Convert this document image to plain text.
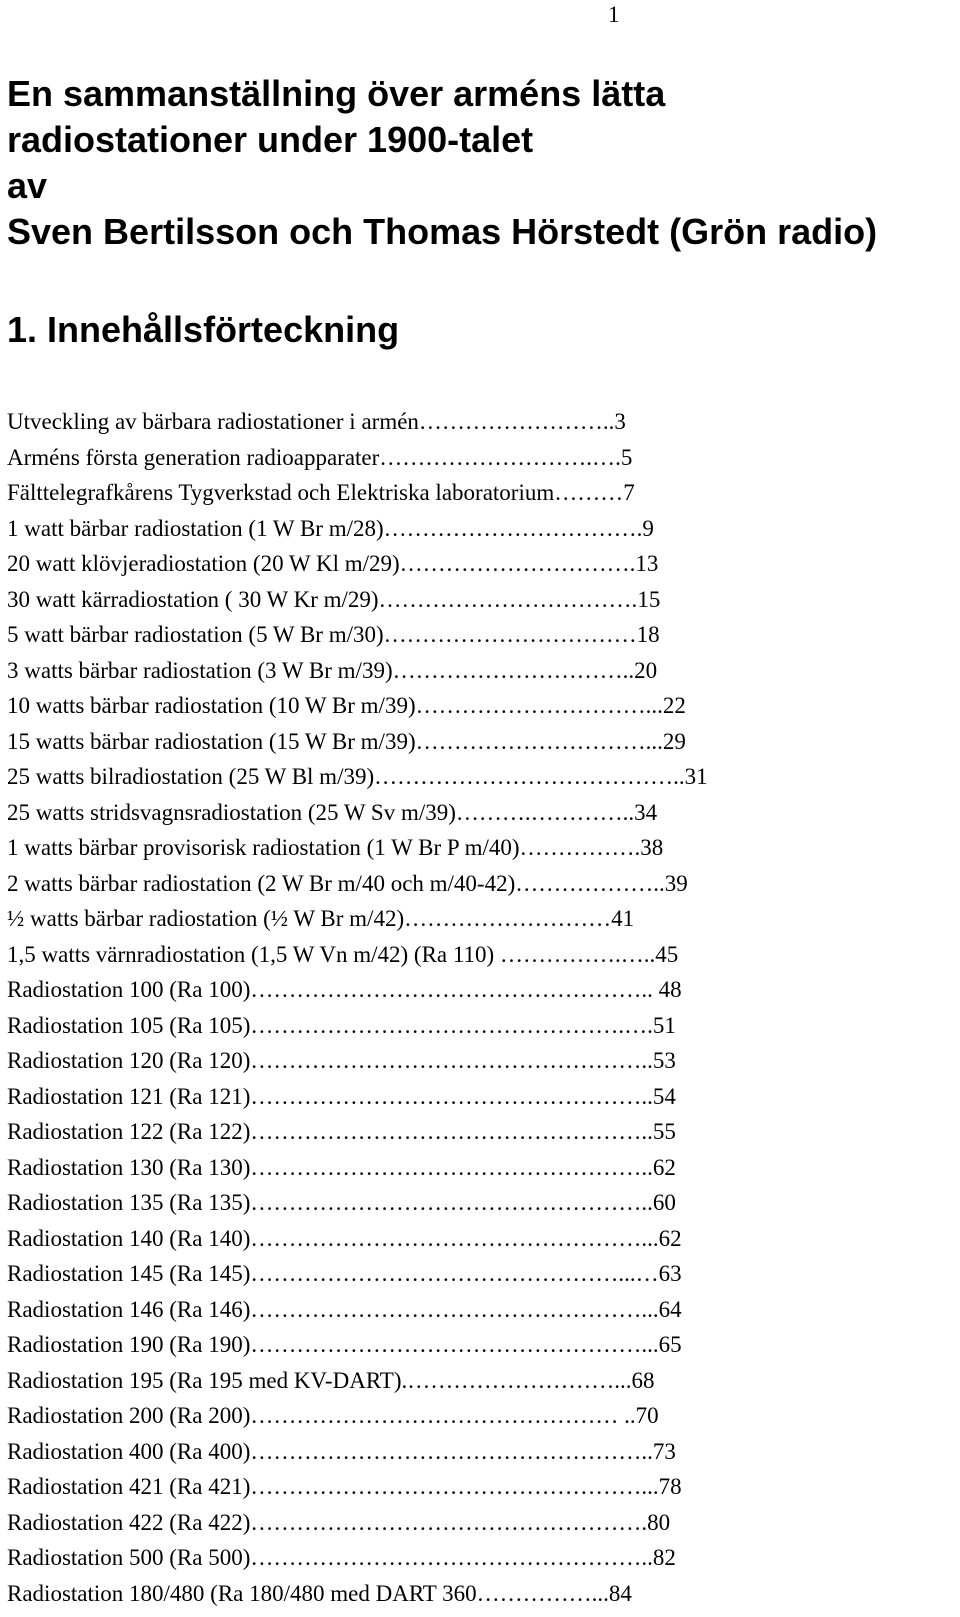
1
En sammanställning över arméns lätta
radiostationer under 1900-talet
av
Sven Bertilsson och Thomas Hörstedt (Grön radio)
1. Innehållsförteckning
Utveckling av bärbara radiostationer i armén……………………..3
Arméns första generation radioapparater……………………….….5
Fälttelegrafkårens Tygverkstad och Elektriska laboratorium………7
1 watt bärbar radiostation (1 W Br m/28)…………………………….9
20 watt klövjeradiostation (20 W Kl m/29)………………………….13
30 watt kärradiostation ( 30 W Kr m/29)…………………………….15
5 watt bärbar radiostation (5 W Br m/30)……………………………18
3 watts bärbar radiostation (3 W Br m/39)…………………………..20
10 watts bärbar radiostation (10 W Br m/39)…………………………...22
15 watts bärbar radiostation (15 W Br m/39)…………………………...29
25 watts bilradiostation (25 W Bl m/39)…………………………………..31
25 watts stridsvagnsradiostation (25 W Sv m/39)……….…………..34
1 watts bärbar provisorisk radiostation (1 W Br P m/40)…………….38
2 watts bärbar radiostation (2 W Br m/40 och m/40-42)………………..39
½ watts bärbar radiostation (½ W Br m/42)………………………41
1,5 watts värnradiostation (1,5 W Vn m/42) (Ra 110) …………….…..45
Radiostation 100 (Ra 100)…………………………………………….. 48
Radiostation 105 (Ra 105)………………………………………….….51
Radiostation 120 (Ra 120)……………………………………………..53
Radiostation 121 (Ra 121)……………………………………………..54
Radiostation 122 (Ra 122)……………………………………………..55
Radiostation 130 (Ra 130)……………………………………………..62
Radiostation 135 (Ra 135)……………………………………………..60
Radiostation 140 (Ra 140)……………………………………………...62
Radiostation 145 (Ra 145)…………………………………………...…63
Radiostation 146 (Ra 146)……………………………………………...64
Radiostation 190 (Ra 190)……………………………………………...65
Radiostation 195 (Ra 195 med KV-DART).………………………...68
Radiostation 200 (Ra 200)………………………………………… ..70
Radiostation 400 (Ra 400)……………………………………………..73
Radiostation 421 (Ra 421)……………………………………………...78
Radiostation 422 (Ra 422)…………………………………………….80
Radiostation 500 (Ra 500)……………………………………………..82
Radiostation 180/480 (Ra 180/480 med DART 360……………...84
